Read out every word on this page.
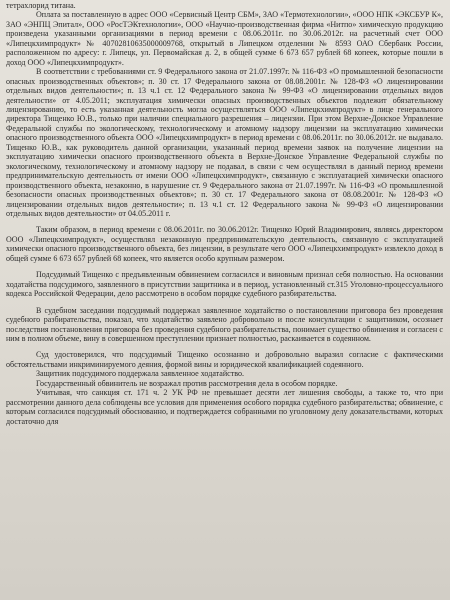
тетрахлорид титана.

Оплата за поставленную в адрес ООО «Сервисный Центр СБМ», ЗАО «Термотехнологии», «ООО НПК «ЭКСБУР К», ЗАО «ЭНПЦ Эпитал», ООО «РосТЭКтехнологии», ООО «Научно-производственная фирма «Нитпо» химическую продукцию произведена указанными организациями в период времени с 08.06.2011г. по 30.06.2012г. на расчетный счет ООО «Липецкхимпродукт» № 40702810635000009768, открытый в Липецком отделении № 8593 ОАО Сбербанк России, расположенном по адресу: г. Липецк, ул. Первомайская д. 2, в общей сумме 6 673 657 рублей 68 копеек, которые пошли в доход ООО «Липецкхимпродукт».

В соответствии с требованиями ст. 9 Федерального закона от 21.07.1997г. № 116-ФЗ «О промышленной безопасности опасных производственных объектов»; п. 30 ст. 17 Федерального закона от 08.08.2001г. № 128-ФЗ «О лицензировании отдельных видов деятельности»; п. 13 ч.1 ст. 12 Федерального закона № 99-ФЗ «О лицензировании отдельных видов деятельности» от 4.05.2011; эксплуатация химически опасных производственных объектов подлежит обязательному лицензированию, то есть указанная деятельность могла осуществляться ООО «Липецкхимпродукт» в лице генерального директора Тищенко Ю.В., только при наличии специального разрешения – лицензии. При этом Верхне-Донское Управление Федеральной службы по экологическому, технологическому и атомному надзору лицензии на эксплуатацию химически опасного производственного объекта ООО «Липецкхимпродукт» в период времени с 08.06.2011г. по 30.06.2012г. не выдавало. Тищенко Ю.В., как руководитель данной организации, указанный период времени заявок на получение лицензии на эксплуатацию химически опасного производственного объекта в Верхне-Донское Управление Федеральной службы по экологическому, технологическому и атомному надзору не подавал, в связи с чем осуществлял в данный период времени предпринимательскую деятельность от имени ООО «Липецкхимпродукт», связанную с эксплуатацией химически опасного производственного объекта, незаконно, в нарушение ст. 9 Федерального закона от 21.07.1997г. № 116-ФЗ «О промышленной безопасности опасных производственных объектов»; п. 30 ст. 17 Федерального закона от 08.08.2001г. № 128-ФЗ «О лицензировании отдельных видов деятельности»; п. 13 ч.1 ст. 12 Федерального закона № 99-ФЗ «О лицензировании отдельных видов деятельности» от 04.05.2011 г.

Таким образом, в период времени с 08.06.2011г. по 30.06.2012г. Тищенко Юрий Владимирович, являясь директором ООО «Липецкхимпродукт», осуществлял незаконную предпринимательскую деятельность, связанную с эксплуатацией химически опасного производственного объекта, без лицензии, в результате чего ООО «Липецкхимпродукт» извлекло доход в общей сумме 6 673 657 рублей 68 копеек, что является особо крупным размером.

Подсудимый Тищенко с предъявленным обвинением согласился и виновным признал себя полностью. На основании ходатайства подсудимого, заявленного в присутствии защитника и в период, установленный ст.315 Уголовно-процессуального кодекса Российской Федерации, дело рассмотрено в особом порядке судебного разбирательства.

В судебном заседании подсудимый поддержал заявленное ходатайство о постановлении приговора без проведения судебного разбирательства, показал, что ходатайство заявлено добровольно и после консультации с защитником, осознает последствия постановления приговора без проведения судебного разбирательства, понимает существо обвинения и согласен с ним в полном объеме, вину в совершенном преступлении признает полностью, раскаивается в содеянном.

Суд удостоверился, что подсудимый Тищенко осознанно и добровольно выразил согласие с фактическими обстоятельствами инкриминируемого деяния, формой вины и юридической квалификацией содеянного.

Защитник подсудимого поддержала заявленное ходатайство.

Государственный обвинитель не возражал против рассмотрения дела в особом порядке.

Учитывая, что санкция ст. 171 ч. 2 УК РФ не превышает десяти лет лишения свободы, а также то, что при рассмотрении данного дела соблюдены все условия для применения особого порядка судебного разбирательства; обвинение, с которым согласился подсудимый обоснованно, и подтверждается собранными по уголовному делу доказательствами, которых достаточно для
